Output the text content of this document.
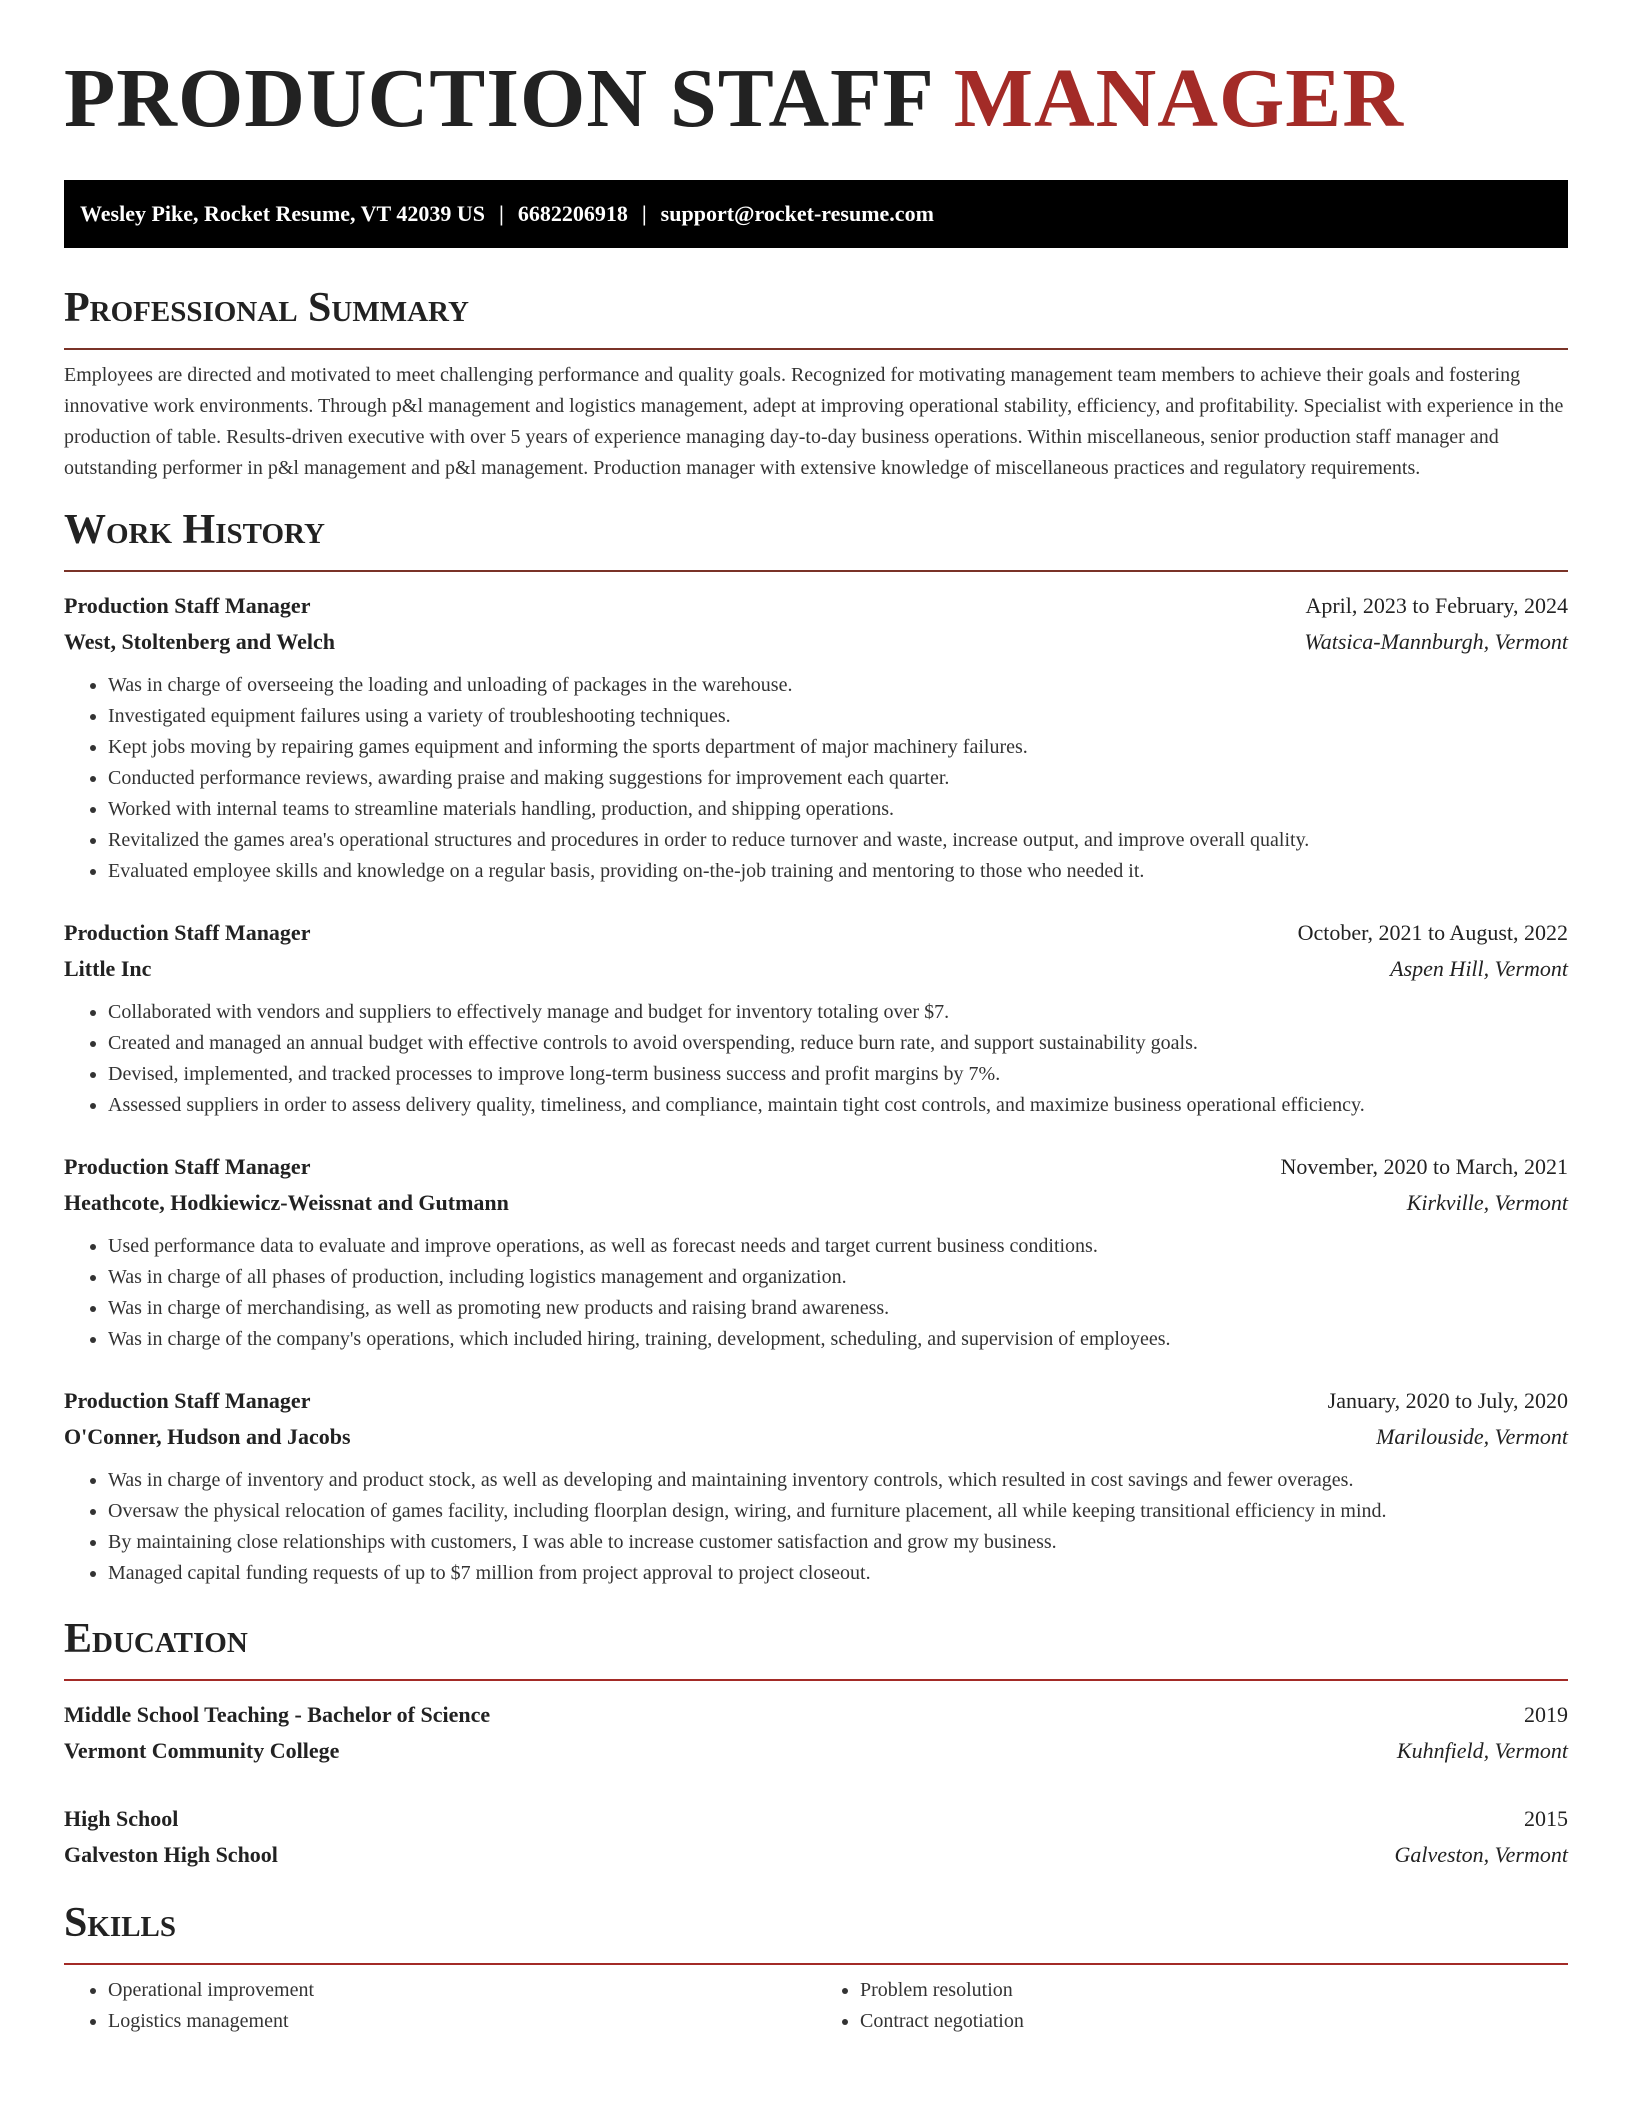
PRODUCTION STAFF MANAGER
Wesley Pike, Rocket Resume, VT 42039 US | 6682206918 | support@rocket-resume.com
Professional Summary

Employees are directed and motivated to meet challenging performance and quality goals. Recognized for motivating management team members to achieve their goals and fostering innovative work environments. Through p&l management and logistics management, adept at improving operational stability, efficiency, and profitability. Specialist with experience in the production of table. Results-driven executive with over 5 years of experience managing day-to-day business operations. Within miscellaneous, senior production staff manager and outstanding performer in p&l management and p&l management. Production manager with extensive knowledge of miscellaneous practices and regulatory requirements.

Work History
Production Staff Manager	April, 2023 to February, 2024
West, Stoltenberg and Welch	Watsica-Mannburgh, Vermont
• Was in charge of overseeing the loading and unloading of packages in the warehouse.
• Investigated equipment failures using a variety of troubleshooting techniques.
• Kept jobs moving by repairing games equipment and informing the sports department of major machinery failures.
• Conducted performance reviews, awarding praise and making suggestions for improvement each quarter.
• Worked with internal teams to streamline materials handling, production, and shipping operations.
• Revitalized the games area's operational structures and procedures in order to reduce turnover and waste, increase output, and improve overall quality.
• Evaluated employee skills and knowledge on a regular basis, providing on-the-job training and mentoring to those who needed it.
Production Staff Manager	October, 2021 to August, 2022
Little Inc	Aspen Hill, Vermont
• Collaborated with vendors and suppliers to effectively manage and budget for inventory totaling over $7.
• Created and managed an annual budget with effective controls to avoid overspending, reduce burn rate, and support sustainability goals.
• Devised, implemented, and tracked processes to improve long-term business success and profit margins by 7%.
• Assessed suppliers in order to assess delivery quality, timeliness, and compliance, maintain tight cost controls, and maximize business operational efficiency.
Production Staff Manager	November, 2020 to March, 2021
Heathcote, Hodkiewicz-Weissnat and Gutmann	Kirkville, Vermont
• Used performance data to evaluate and improve operations, as well as forecast needs and target current business conditions.
• Was in charge of all phases of production, including logistics management and organization.
• Was in charge of merchandising, as well as promoting new products and raising brand awareness.
• Was in charge of the company's operations, which included hiring, training, development, scheduling, and supervision of employees.
Production Staff Manager	January, 2020 to July, 2020
O'Conner, Hudson and Jacobs	Marilouside, Vermont
• Was in charge of inventory and product stock, as well as developing and maintaining inventory controls, which resulted in cost savings and fewer overages.
• Oversaw the physical relocation of games facility, including floorplan design, wiring, and furniture placement, all while keeping transitional efficiency in mind.
• By maintaining close relationships with customers, I was able to increase customer satisfaction and grow my business.
• Managed capital funding requests of up to $7 million from project approval to project closeout.
Education
Middle School Teaching - Bachelor of Science	2019
Vermont Community College	Kuhnfield, Vermont
High School	2015
Galveston High School	Galveston, Vermont
Skills
• Operational improvement
• Logistics management
• Problem resolution
• Contract negotiation
